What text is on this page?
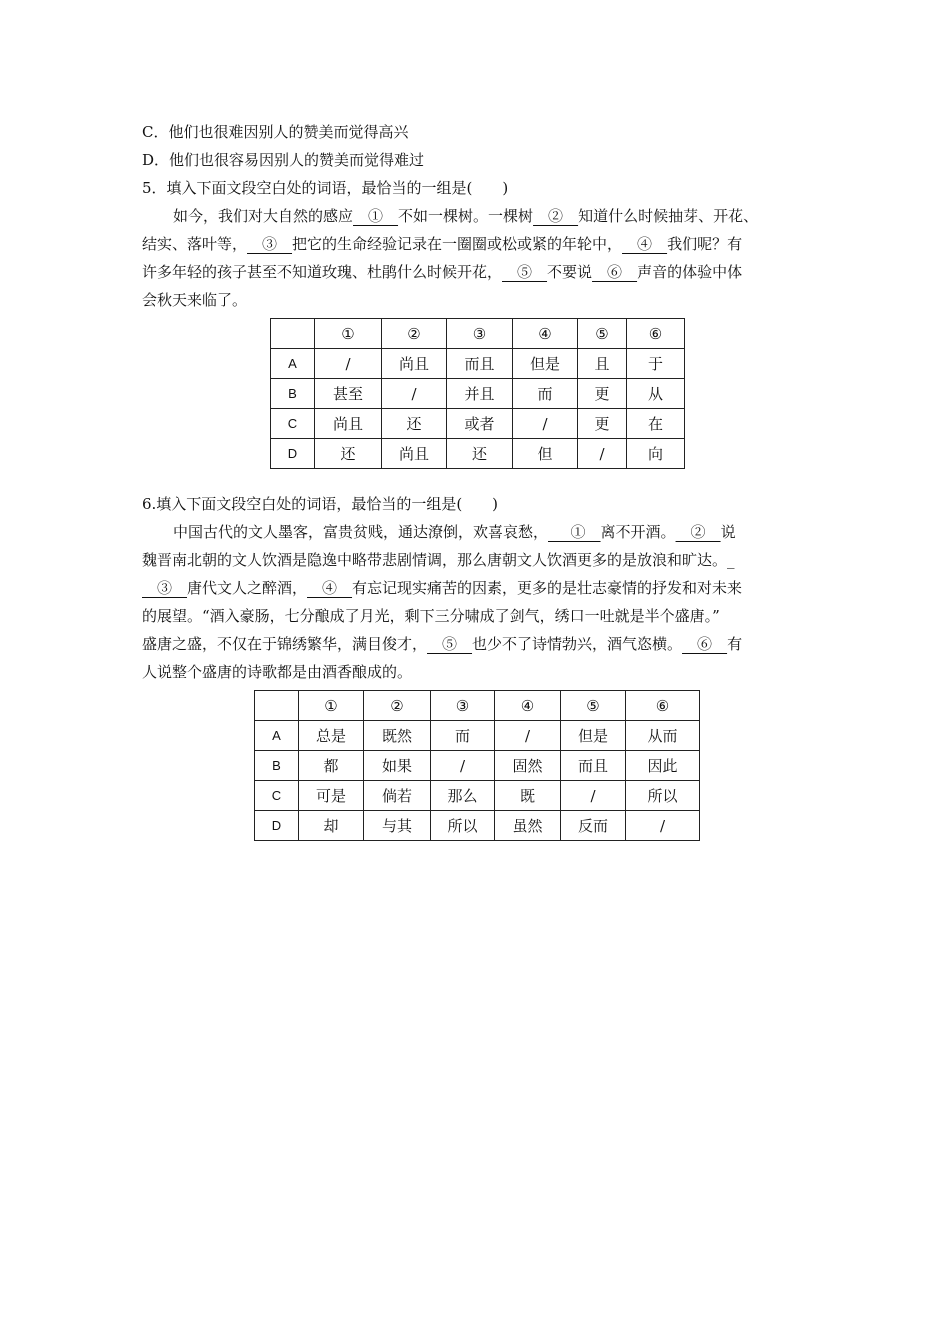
C．他们也很难因别人的赞美而觉得高兴
D．他们也很容易因别人的赞美而觉得难过
5．填入下面文段空白处的词语，最恰当的一组是(　　)
如今，我们对大自然的感应  ①  不如一棵树。一棵树  ②  知道什么时候抽芽、开花、
结实、落叶等，  ③  把它的生命经验记录在一圈圈或松或紧的年轮中，  ④  我们呢？有
许多年轻的孩子甚至不知道玫瑰、杜鹃什么时候开花，  ⑤  不要说  ⑥  声音的体验中体
会秋天来临了。
	①	②	③	④	⑤	⑥
A	/	尚且	而且	但是	且	于
B	甚至	/	并且	而	更	从
C	尚且	还	或者	/	更	在
D	还	尚且	还	但	/	向
6.填入下面文段空白处的词语，最恰当的一组是(　　)
中国古代的文人墨客，富贵贫贱，通达潦倒，欢喜哀愁，   ①  离不开酒。  ②  说
魏晋南北朝的文人饮酒是隐逸中略带悲剧情调，那么唐朝文人饮酒更多的是放浪和旷达。_
  ③  唐代文人之醉酒，  ④  有忘记现实痛苦的因素，更多的是壮志豪情的抒发和对未来
的展望。“酒入豪肠，七分酿成了月光，剩下三分啸成了剑气，绣口一吐就是半个盛唐。”
盛唐之盛，不仅在于锦绣繁华，满目俊才，  ⑤  也少不了诗情勃兴，酒气恣横。  ⑥  有
人说整个盛唐的诗歌都是由酒香酿成的。
	①	②	③	④	⑤	⑥
A	总是	既然	而	/	但是	从而
B	都	如果	/	固然	而且	因此
C	可是	倘若	那么	既	/	所以
D	却	与其	所以	虽然	反而	/
